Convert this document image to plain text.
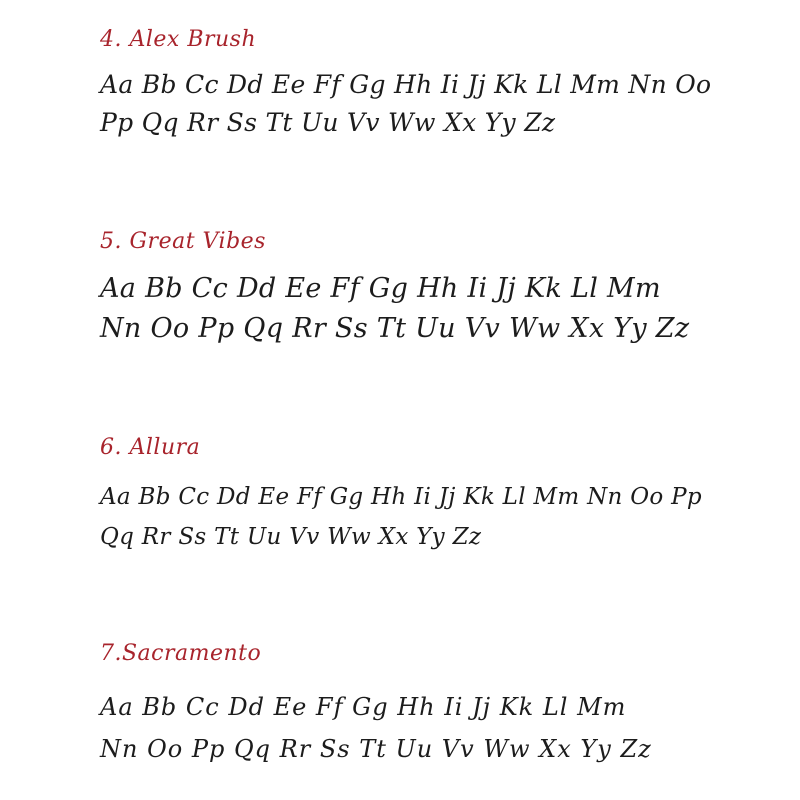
4. Alex Brush
Aa Bb Cc Dd Ee Ff Gg Hh Ii Jj Kk Ll Mm Nn Oo
Pp Qq Rr Ss Tt Uu Vv Ww Xx Yy Zz
5. Great Vibes
Aa Bb Cc Dd Ee Ff Gg Hh Ii Jj Kk Ll Mm
Nn Oo Pp Qq Rr Ss Tt Uu Vv Ww Xx Yy Zz
6. Allura
Aa Bb Cc Dd Ee Ff Gg Hh Ii Jj Kk Ll Mm Nn Oo Pp
Qq Rr Ss Tt Uu Vv Ww Xx Yy Zz
7.Sacramento
Aa Bb Cc Dd Ee Ff Gg Hh Ii Jj Kk Ll Mm
Nn Oo Pp Qq Rr Ss Tt Uu Vv Ww Xx Yy Zz
